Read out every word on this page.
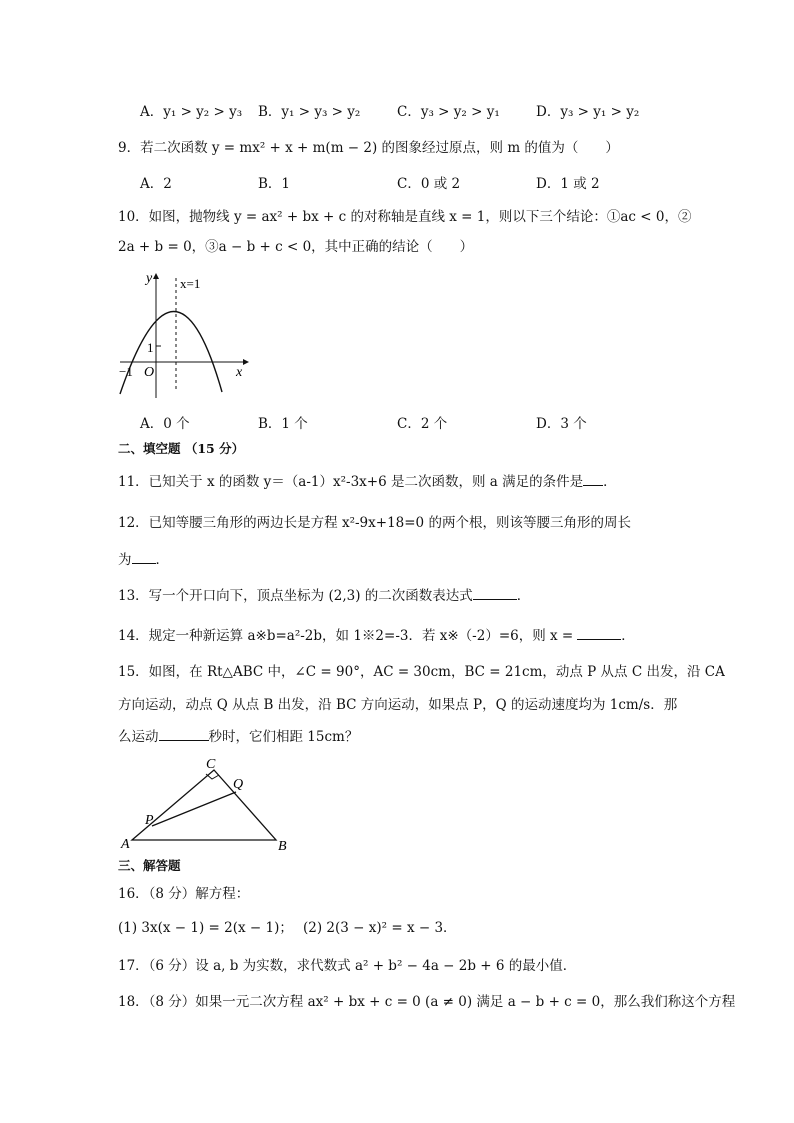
A．y₁ > y₂ > y₃ B．y₁ > y₃ > y₂	C．y₃ > y₂ > y₁	D．y₃ > y₁ > y₂
9．若二次函数 y = mx² + x + m(m − 2) 的图象经过原点，则 m 的值为（　　）
A．2	B．1	C．0 或 2	D．1 或 2
10．如图，抛物线 y = ax² + bx + c 的对称轴是直线 x = 1，则以下三个结论：①ac < 0，②
2a + b = 0，③a − b + c < 0，其中正确的结论（　　）
y
x
x=1
1
−1 O
A．0 个	B．1 个	C．2 个	D．3 个
二、填空题 （15 分）
11．已知关于 x 的函数 y＝（a-1）x²-3x+6 是二次函数，则 a 满足的条件是 ．
12．已知等腰三角形的两边长是方程 x²-9x+18=0 的两个根，则该等腰三角形的周长
为 ．
13．写一个开口向下，顶点坐标为 (2,3) 的二次函数表达式	．
14．规定一种新运算 a※b=a²-2b，如 1※2=-3．若 x※（-2）=6，则 x =	．
15．如图，在 Rt△ABC 中，∠C = 90°，AC = 30cm，BC = 21cm，动点 P 从点 C 出发，沿 CA
方向运动，动点 Q 从点 B 出发，沿 BC 方向运动，如果点 P，Q 的运动速度均为 1cm/s．那
么运动	秒时，它们相距 15cm？
A	B
C
P
Q
三、解答题
16．（8 分）解方程：
(1) 3x(x − 1) = 2(x − 1)； (2) 2(3 − x)² = x − 3．
17．（6 分）设 a, b 为实数，求代数式 a² + b² − 4a − 2b + 6 的最小值．
18．（8 分）如果一元二次方程 ax² + bx + c = 0 (a ≠ 0) 满足 a − b + c = 0，那么我们称这个方程
